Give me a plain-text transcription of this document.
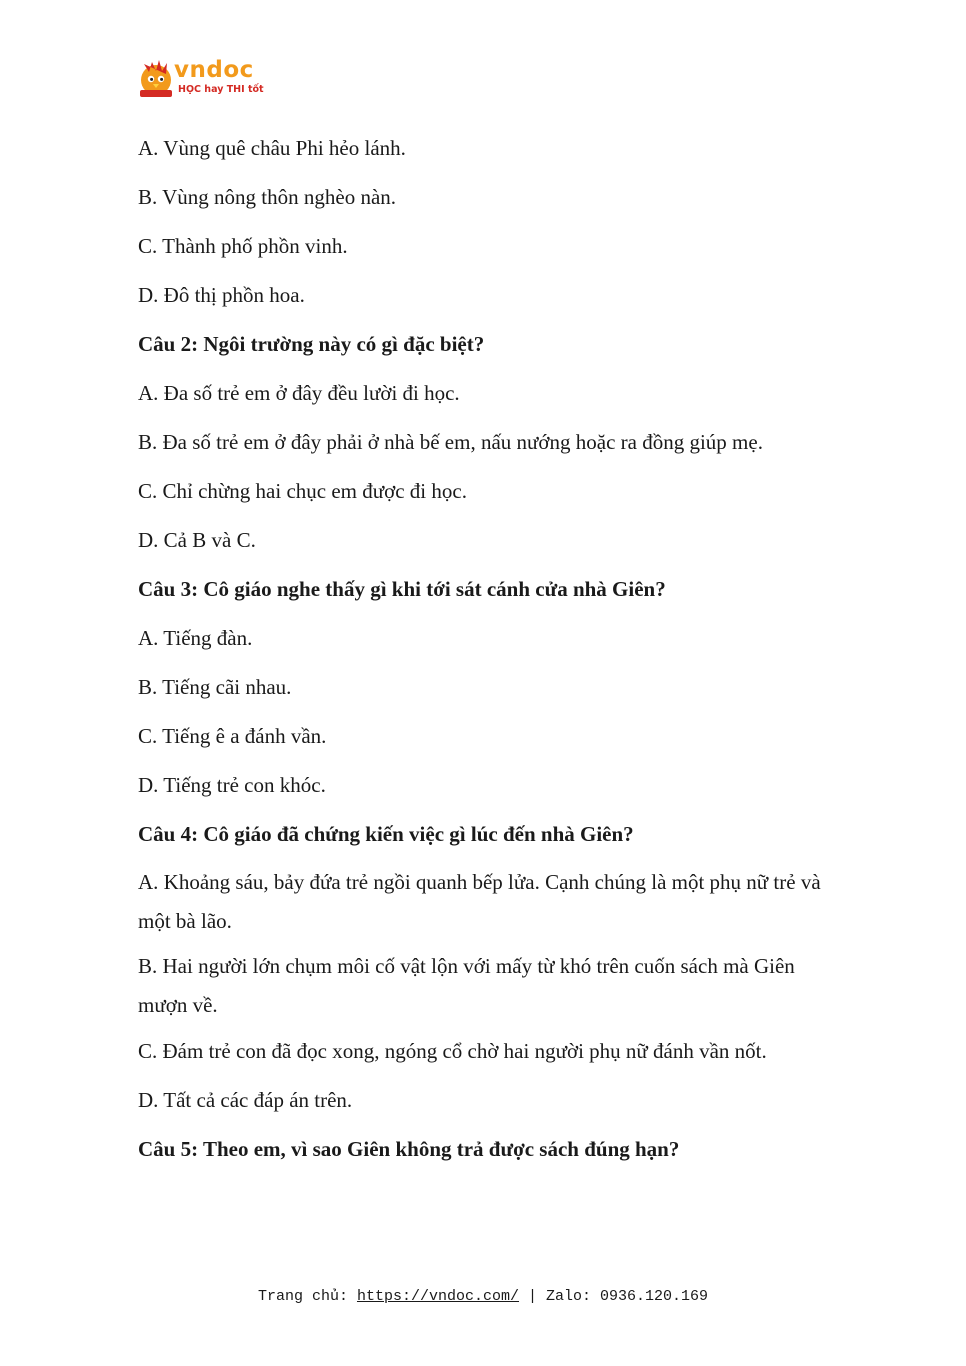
vndoc
HỌC hay THI tốt
A. Vùng quê châu Phi hẻo lánh.
B. Vùng nông thôn nghèo nàn.
C. Thành phố phồn vinh.
D. Đô thị phồn hoa.
Câu 2: Ngôi trường này có gì đặc biệt?
A. Đa số trẻ em ở đây đều lười đi học.
B. Đa số trẻ em ở đây phải ở nhà bế em, nấu nướng hoặc ra đồng giúp mẹ.
C. Chỉ chừng hai chục em được đi học.
D. Cả B và C.
Câu 3: Cô giáo nghe thấy gì khi tới sát cánh cửa nhà Giên?
A. Tiếng đàn.
B. Tiếng cãi nhau.
C. Tiếng ê a đánh vần.
D. Tiếng trẻ con khóc.
Câu 4: Cô giáo đã chứng kiến việc gì lúc đến nhà Giên?
A. Khoảng sáu, bảy đứa trẻ ngồi quanh bếp lửa. Cạnh chúng là một phụ nữ trẻ và một bà lão.
B. Hai người lớn chụm môi cố vật lộn với mấy từ khó trên cuốn sách mà Giên mượn về.
C. Đám trẻ con đã đọc xong, ngóng cổ chờ hai người phụ nữ đánh vần nốt.
D. Tất cả các đáp án trên.
Câu 5: Theo em, vì sao Giên không trả được sách đúng hạn?
Trang chủ: https://vndoc.com/ | Zalo: 0936.120.169
